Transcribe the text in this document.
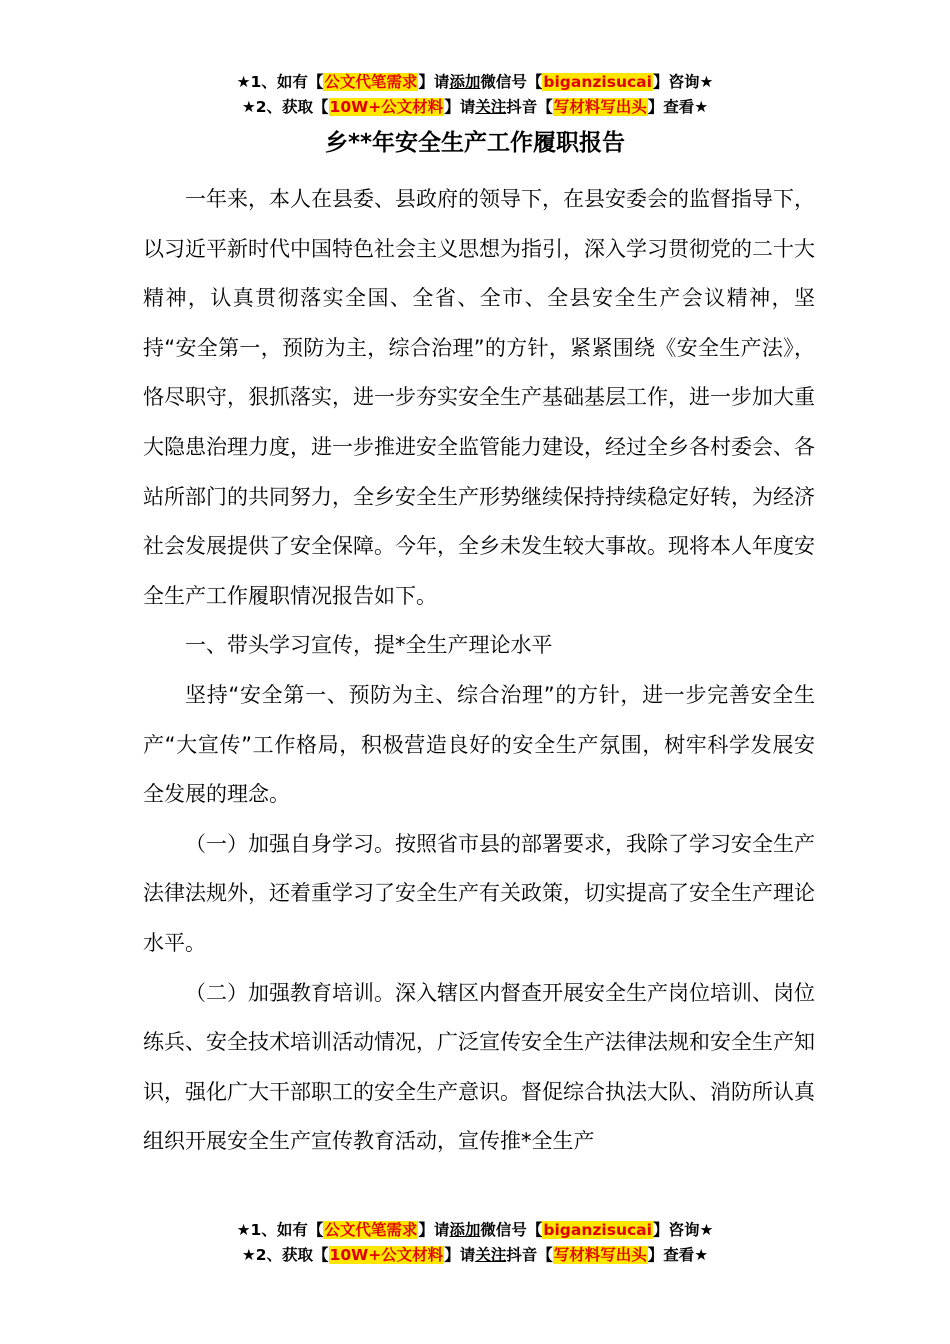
★1、如有【公文代笔需求】请添加微信号【biganzisucai】咨询★
★2、获取【10W+公文材料】请关注抖音【写材料写出头】查看★
乡**年安全生产工作履职报告

一年来，本人在县委、县政府的领导下，在县安委会的监督指导下，以习近平新时代中国特色社会主义思想为指引，深入学习贯彻党的二十大精神，认真贯彻落实全国、全省、全市、全县安全生产会议精神，坚持“安全第一，预防为主，综合治理”的方针，紧紧围绕《安全生产法》，恪尽职守，狠抓落实，进一步夯实安全生产基础基层工作，进一步加大重大隐患治理力度，进一步推进安全监管能力建设，经过全乡各村委会、各站所部门的共同努力，全乡安全生产形势继续保持持续稳定好转，为经济社会发展提供了安全保障。今年，全乡未发生较大事故。现将本人年度安全生产工作履职情况报告如下。

一、带头学习宣传，提*全生产理论水平

坚持“安全第一、预防为主、综合治理”的方针，进一步完善安全生产“大宣传”工作格局，积极营造良好的安全生产氛围，树牢科学发展安全发展的理念。

（一）加强自身学习。按照省市县的部署要求，我除了学习安全生产法律法规外，还着重学习了安全生产有关政策，切实提高了安全生产理论水平。

（二）加强教育培训。深入辖区内督查开展安全生产岗位培训、岗位练兵、安全技术培训活动情况，广泛宣传安全生产法律法规和安全生产知识，强化广大干部职工的安全生产意识。督促综合执法大队、消防所认真组织开展安全生产宣传教育活动，宣传推*全生产

★1、如有【公文代笔需求】请添加微信号【biganzisucai】咨询★
★2、获取【10W+公文材料】请关注抖音【写材料写出头】查看★
